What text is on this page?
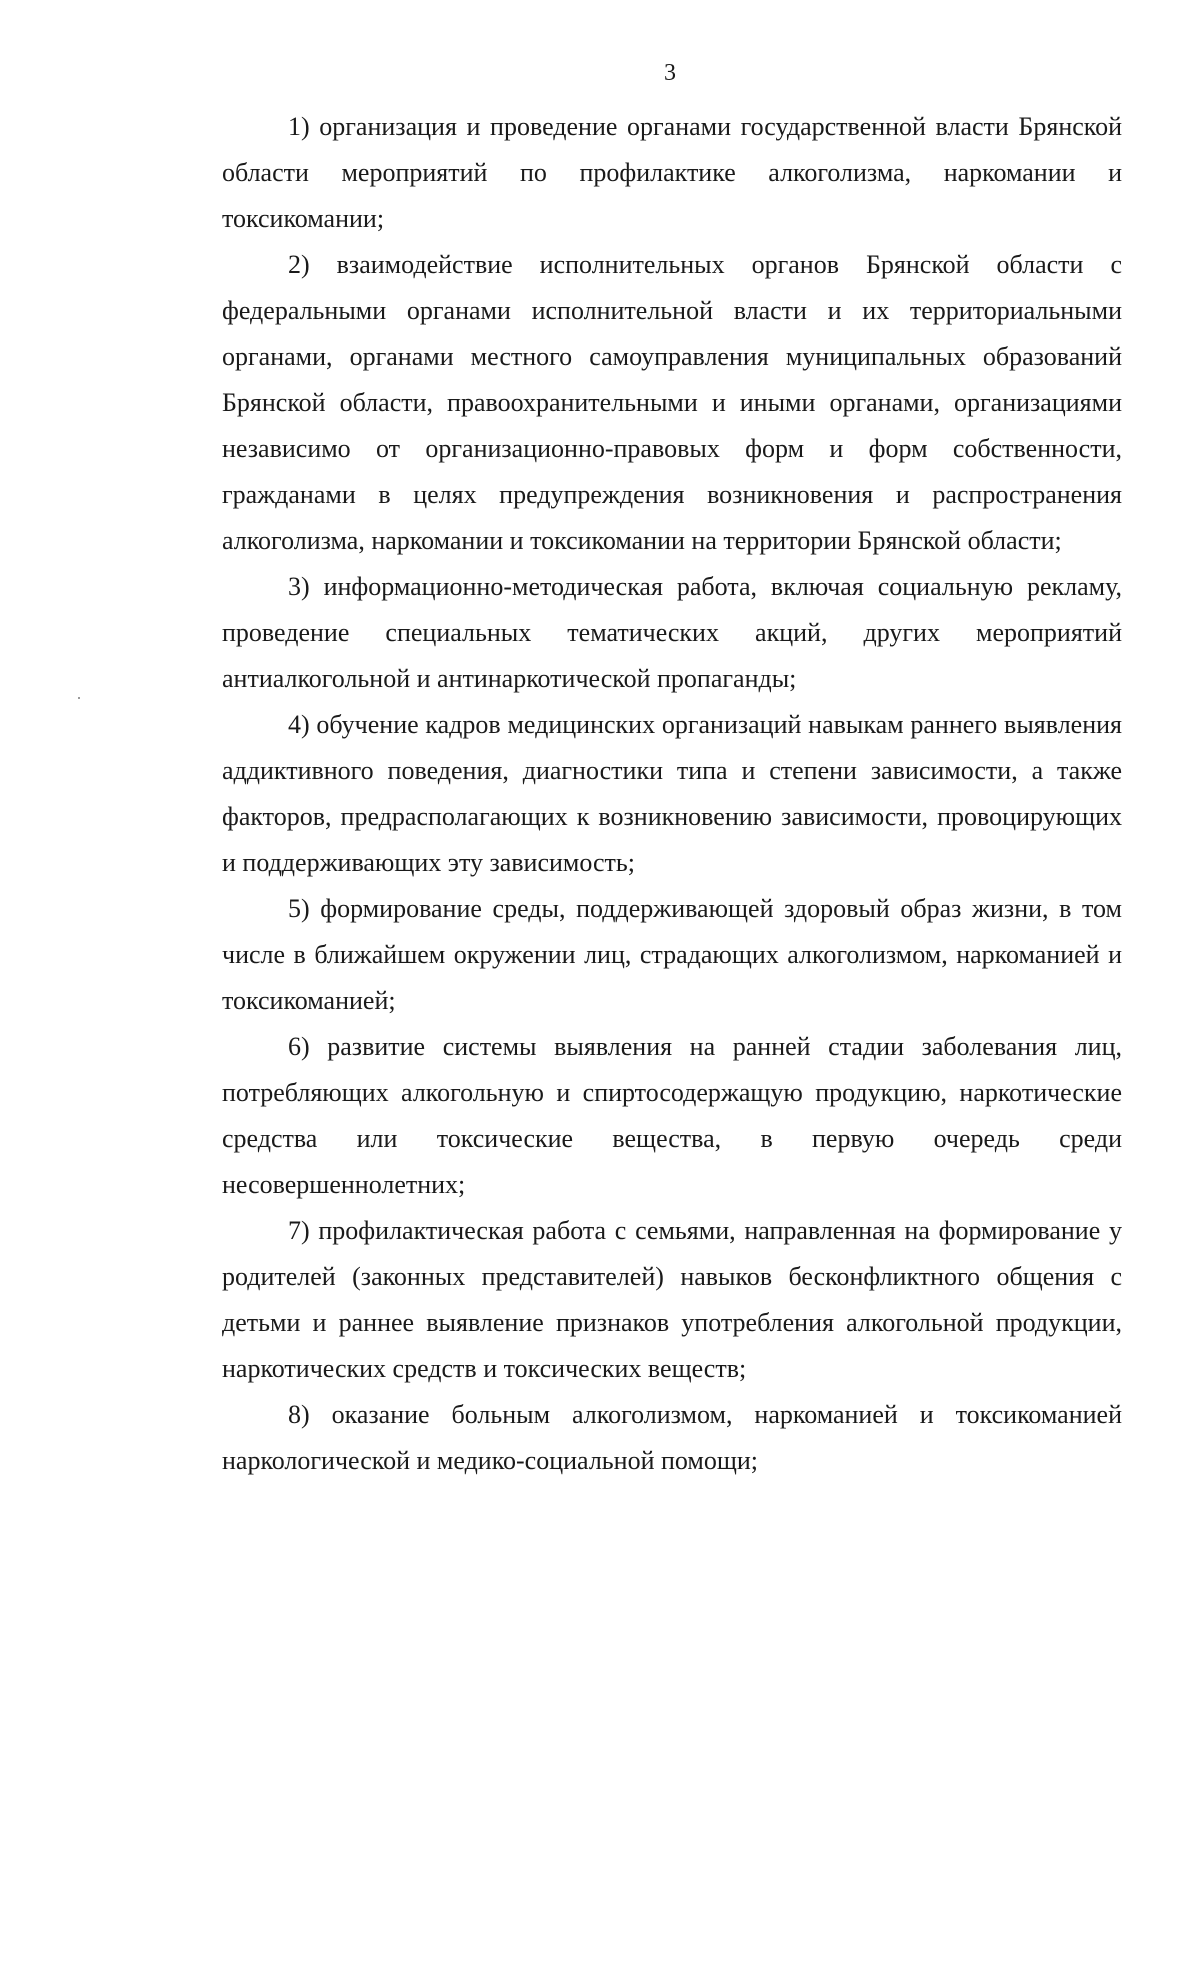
3

1) организация и проведение органами государственной власти Брянской области мероприятий по профилактике алкоголизма, наркомании и токсикомании;

2) взаимодействие исполнительных органов Брянской области с федеральными органами исполнительной власти и их территориальными органами, органами местного самоуправления муниципальных образований Брянской области, правоохранительными и иными органами, организациями независимо от организационно-правовых форм и форм собственности, гражданами в целях предупреждения возникновения и распространения алкоголизма, наркомании и токсикомании на территории Брянской области;

3) информационно-методическая работа, включая социальную рекламу, проведение специальных тематических акций, других мероприятий антиалкогольной и антинаркотической пропаганды;

4) обучение кадров медицинских организаций навыкам раннего выявления аддиктивного поведения, диагностики типа и степени зависимости, а также факторов, предрасполагающих к возникновению зависимости, провоцирующих и поддерживающих эту зависимость;

5) формирование среды, поддерживающей здоровый образ жизни, в том числе в ближайшем окружении лиц, страдающих алкоголизмом, наркоманией и токсикоманией;

6) развитие системы выявления на ранней стадии заболевания лиц, потребляющих алкогольную и спиртосодержащую продукцию, наркотические средства или токсические вещества, в первую очередь среди несовершеннолетних;

7) профилактическая работа с семьями, направленная на формирование у родителей (законных представителей) навыков бесконфликтного общения с детьми и раннее выявление признаков употребления алкогольной продукции, наркотических средств и токсических веществ;

8) оказание больным алкоголизмом, наркоманией и токсикоманией наркологической и медико-социальной помощи;
